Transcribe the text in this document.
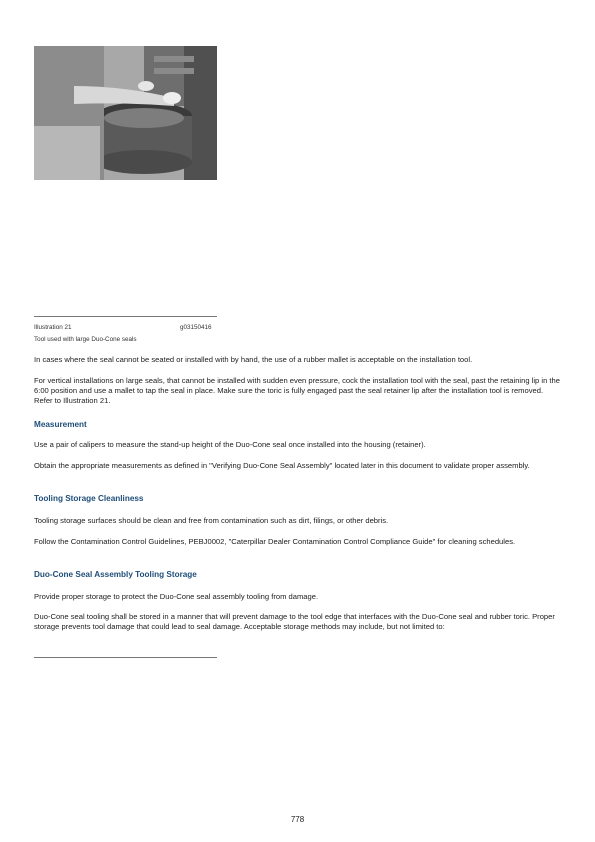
Illustration 21	g03150416
Tool used with large Duo-Cone seals

In cases where the seal cannot be seated or installed with by hand, the use of a rubber mallet is acceptable on the installation tool.

For vertical installations on large seals, that cannot be installed with sudden even pressure, cock the installation tool with the seal, past the retaining lip in the 6:00 position and use a mallet to tap the seal in place. Make sure the toric is fully engaged past the seal retainer lip after the installation tool is removed. Refer to Illustration 21.

Measurement

Use a pair of calipers to measure the stand-up height of the Duo-Cone seal once installed into the housing (retainer).

Obtain the appropriate measurements as defined in "Verifying Duo-Cone Seal Assembly" located later in this document to validate proper assembly.

Tooling Storage Cleanliness

Tooling storage surfaces should be clean and free from contamination such as dirt, filings, or other debris.

Follow the Contamination Control Guidelines, PEBJ0002, "Caterpillar Dealer Contamination Control Compliance Guide" for cleaning schedules.

Duo-Cone Seal Assembly Tooling Storage

Provide proper storage to protect the Duo-Cone seal assembly tooling from damage.

Duo-Cone seal tooling shall be stored in a manner that will prevent damage to the tool edge that interfaces with the Duo-Cone seal and rubber toric. Proper storage prevents tool damage that could lead to seal damage. Acceptable storage methods may include, but not limited to:

778
